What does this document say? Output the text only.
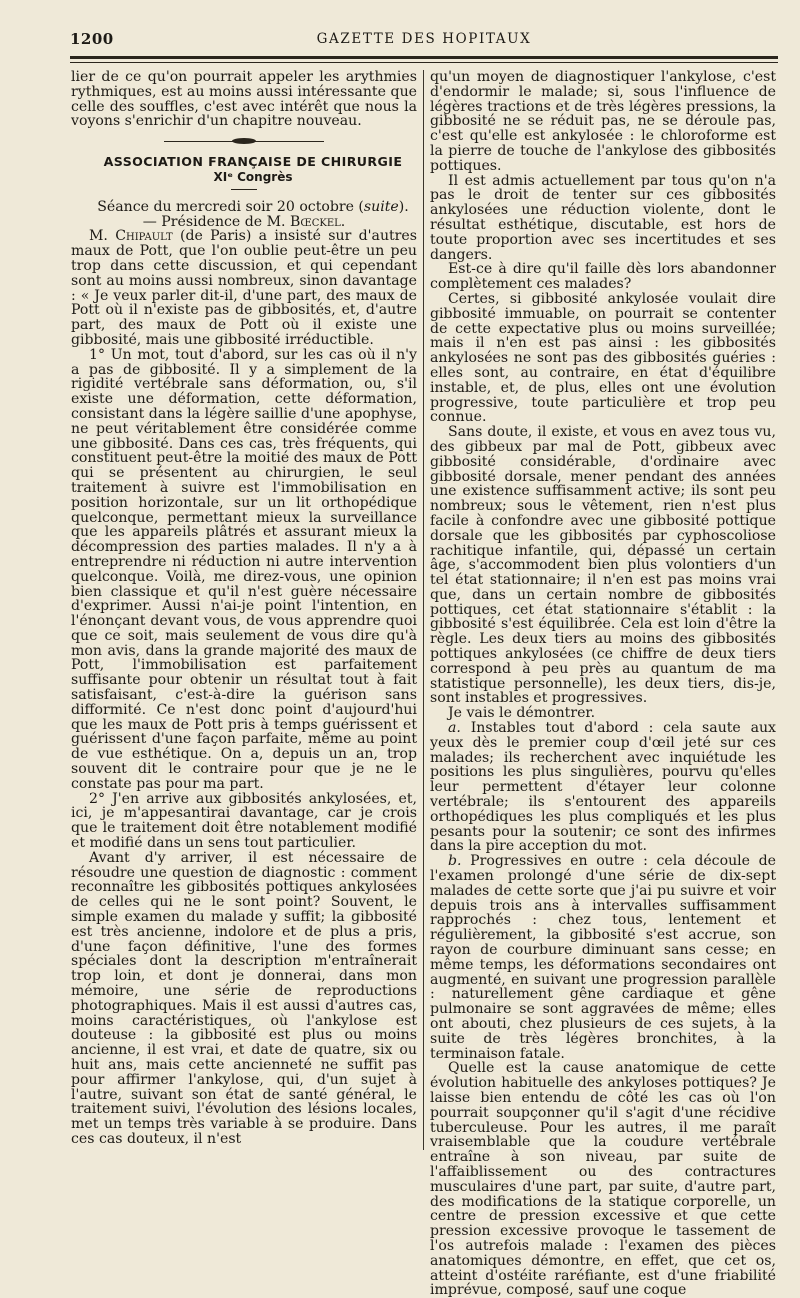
1200	GAZETTE DES HOPITAUX

lier de ce qu'on pourrait appeler les arythmies rythmiques, est au moins aussi intéressante que celle des souffles, c'est avec intérêt que nous la voyons s'enrichir d'un chapitre nouveau.

ASSOCIATION FRANÇAISE DE CHIRURGIE

XIᵉ Congrès

Séance du mercredi soir 20 octobre (suite). — Présidence de M. Bœckel.

M. Chipault (de Paris) a insisté sur d'autres maux de Pott, que l'on oublie peut-être un peu trop dans cette discussion, et qui cependant sont au moins aussi nombreux, sinon davantage : « Je veux parler dit-il, d'une part, des maux de Pott où il n'existe pas de gibbosités, et, d'autre part, des maux de Pott où il existe une gibbosité, mais une gibbosité irréductible.

1° Un mot, tout d'abord, sur les cas où il n'y a pas de gibbosité. Il y a simplement de la rigidité vertébrale sans déformation, ou, s'il existe une déformation, cette déformation, consistant dans la légère saillie d'une apophyse, ne peut véritablement être considérée comme une gibbosité. Dans ces cas, très fréquents, qui constituent peut-être la moitié des maux de Pott qui se présentent au chirurgien, le seul traitement à suivre est l'immobilisation en position horizontale, sur un lit orthopédique quelconque, permettant mieux la surveillance que les appareils plâtrés et assurant mieux la décompression des parties malades. Il n'y a à entreprendre ni réduction ni autre intervention quelconque. Voilà, me direz-vous, une opinion bien classique et qu'il n'est guère nécessaire d'exprimer. Aussi n'ai-je point l'intention, en l'énonçant devant vous, de vous apprendre quoi que ce soit, mais seulement de vous dire qu'à mon avis, dans la grande majorité des maux de Pott, l'immobilisation est parfaitement suffisante pour obtenir un résultat tout à fait satisfaisant, c'est-à-dire la guérison sans difformité. Ce n'est donc point d'aujourd'hui que les maux de Pott pris à temps guérissent et guérissent d'une façon parfaite, même au point de vue esthétique. On a, depuis un an, trop souvent dit le contraire pour que je ne le constate pas pour ma part.

2° J'en arrive aux gibbosités ankylosées, et, ici, je m'appesantirai davantage, car je crois que le traitement doit être notablement modifié et modifié dans un sens tout particulier.

Avant d'y arriver, il est nécessaire de résoudre une question de diagnostic : comment reconnaître les gibbosités pottiques ankylosées de celles qui ne le sont point? Souvent, le simple examen du malade y suffit; la gibbosité est très ancienne, indolore et de plus a pris, d'une façon définitive, l'une des formes spéciales dont la description m'entraînerait trop loin, et dont je donnerai, dans mon mémoire, une série de reproductions photographiques. Mais il est aussi d'autres cas, moins caractéristiques, où l'ankylose est douteuse : la gibbosité est plus ou moins ancienne, il est vrai, et date de quatre, six ou huit ans, mais cette ancienneté ne suffit pas pour affirmer l'ankylose, qui, d'un sujet à l'autre, suivant son état de santé général, le traitement suivi, l'évolution des lésions locales, met un temps très variable à se produire. Dans ces cas douteux, il n'est

qu'un moyen de diagnostiquer l'ankylose, c'est d'endormir le malade; si, sous l'influence de légères tractions et de très légères pressions, la gibbosité ne se réduit pas, ne se déroule pas, c'est qu'elle est ankylosée : le chloroforme est la pierre de touche de l'ankylose des gibbosités pottiques.

Il est admis actuellement par tous qu'on n'a pas le droit de tenter sur ces gibbosités ankylosées une réduction violente, dont le résultat esthétique, discutable, est hors de toute proportion avec ses incertitudes et ses dangers.

Est-ce à dire qu'il faille dès lors abandonner complètement ces malades?

Certes, si gibbosité ankylosée voulait dire gibbosité immuable, on pourrait se contenter de cette expectative plus ou moins surveillée; mais il n'en est pas ainsi : les gibbosités ankylosées ne sont pas des gibbosités guéries : elles sont, au contraire, en état d'équilibre instable, et, de plus, elles ont une évolution progressive, toute particulière et trop peu connue.

Sans doute, il existe, et vous en avez tous vu, des gibbeux par mal de Pott, gibbeux avec gibbosité considérable, d'ordinaire avec gibbosité dorsale, mener pendant des années une existence suffisamment active; ils sont peu nombreux; sous le vêtement, rien n'est plus facile à confondre avec une gibbosité pottique dorsale que les gibbosités par cyphoscoliose rachitique infantile, qui, dépassé un certain âge, s'accommodent bien plus volontiers d'un tel état stationnaire; il n'en est pas moins vrai que, dans un certain nombre de gibbosités pottiques, cet état stationnaire s'établit : la gibbosité s'est équilibrée. Cela est loin d'être la règle. Les deux tiers au moins des gibbosités pottiques ankylosées (ce chiffre de deux tiers correspond à peu près au quantum de ma statistique personnelle), les deux tiers, dis-je, sont instables et progressives.

Je vais le démontrer.

a. Instables tout d'abord : cela saute aux yeux dès le premier coup d'œil jeté sur ces malades; ils recherchent avec inquiétude les positions les plus singulières, pourvu qu'elles leur permettent d'étayer leur colonne vertébrale; ils s'entourent des appareils orthopédiques les plus compliqués et les plus pesants pour la soutenir; ce sont des infirmes dans la pire acception du mot.

b. Progressives en outre : cela découle de l'examen prolongé d'une série de dix-sept malades de cette sorte que j'ai pu suivre et voir depuis trois ans à intervalles suffisamment rapprochés : chez tous, lentement et régulièrement, la gibbosité s'est accrue, son rayon de courbure diminuant sans cesse; en même temps, les déformations secondaires ont augmenté, en suivant une progression parallèle : naturellement gêne cardiaque et gêne pulmonaire se sont aggravées de même; elles ont abouti, chez plusieurs de ces sujets, à la suite de très légères bronchites, à la terminaison fatale.

Quelle est la cause anatomique de cette évolution habituelle des ankyloses pottiques? Je laisse bien entendu de côté les cas où l'on pourrait soupçonner qu'il s'agit d'une récidive tuberculeuse. Pour les autres, il me paraît vraisemblable que la coudure vertébrale entraîne à son niveau, par suite de l'affaiblissement ou des contractures musculaires d'une part, par suite, d'autre part, des modifications de la statique corporelle, un centre de pression excessive et que cette pression excessive provoque le tassement de l'os autrefois malade : l'examen des pièces anatomiques démontre, en effet, que cet os, atteint d'ostéite raréfiante, est d'une friabilité imprévue, composé, sauf une coque
